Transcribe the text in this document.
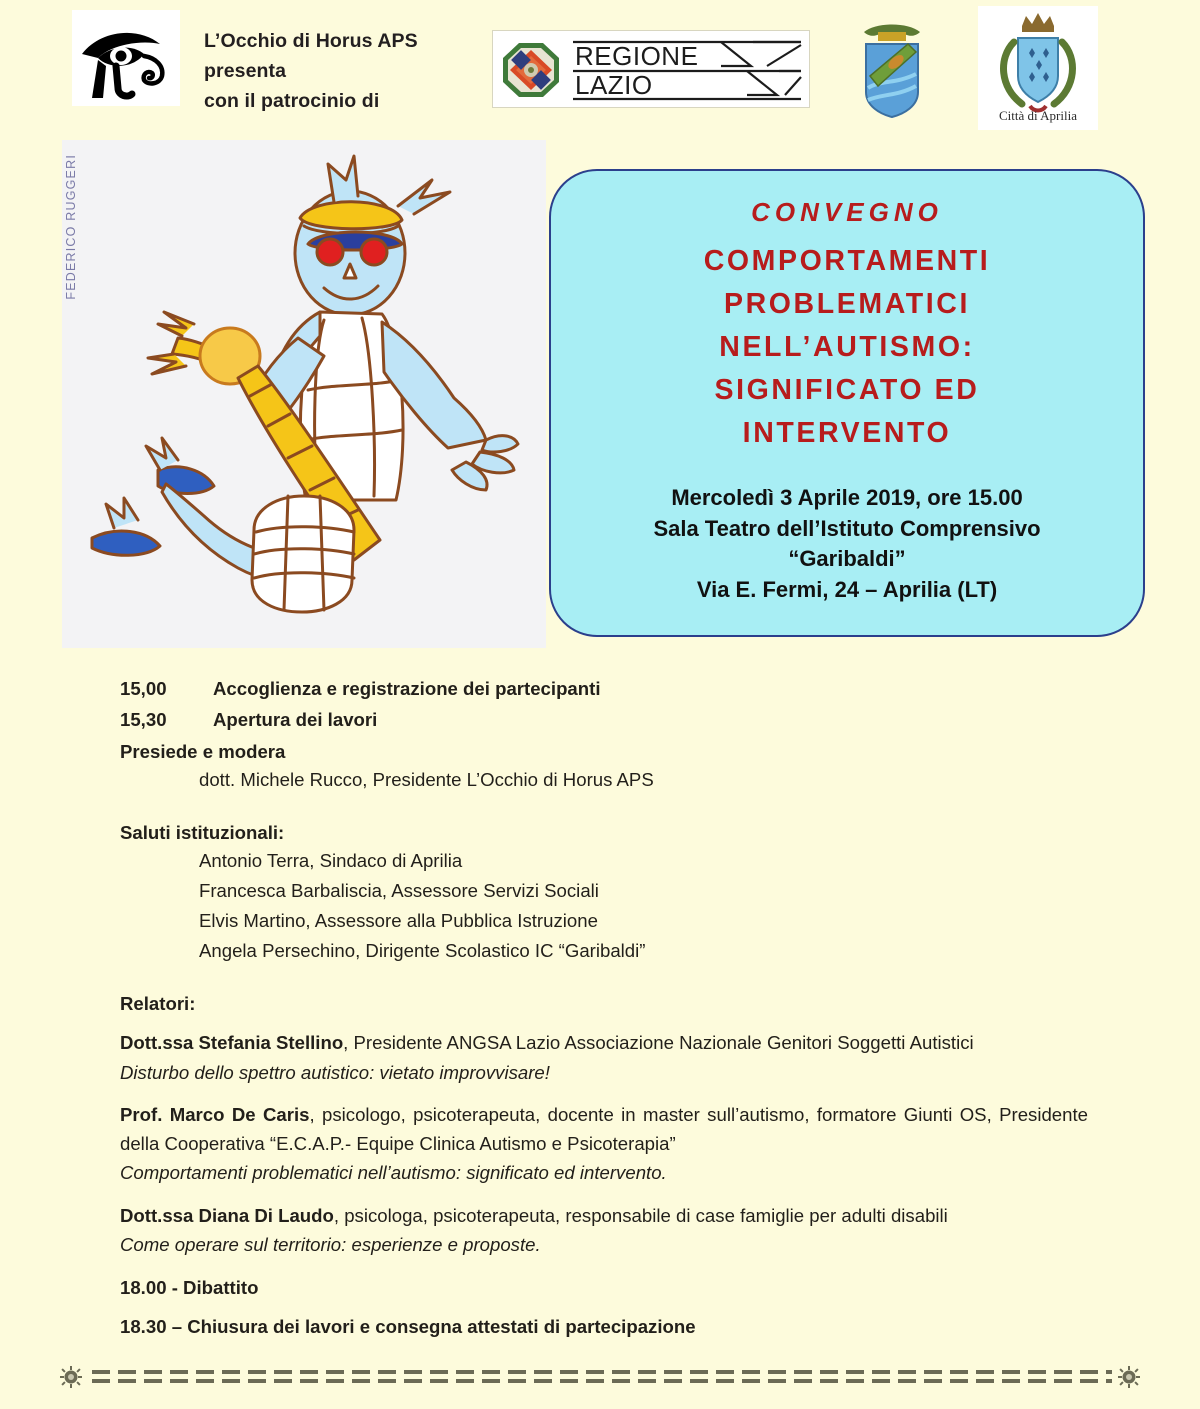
L’Occhio di Horus APS
presenta
con il patrocinio di
REGIONE
LAZIO
Città di Aprilia
FEDERICO RUGGERI	CONVEGNO
COMPORTAMENTI
PROBLEMATICI
NELL’AUTISMO:
SIGNIFICATO ED
INTERVENTO
Mercoledì 3 Aprile 2019, ore 15.00
Sala Teatro dell’Istituto Comprensivo
“Garibaldi”
Via E. Fermi, 24 – Aprilia (LT)
15,00	Accoglienza e registrazione dei partecipanti
15,30	Apertura dei lavori
Presiede e modera
dott. Michele Rucco, Presidente L’Occhio di Horus APS
Saluti istituzionali:
Antonio Terra, Sindaco di Aprilia
Francesca Barbaliscia, Assessore Servizi Sociali
Elvis Martino, Assessore alla Pubblica Istruzione
Angela Persechino, Dirigente Scolastico IC “Garibaldi”
Relatori:
Dott.ssa Stefania Stellino, Presidente ANGSA Lazio Associazione Nazionale Genitori Soggetti Autistici
Disturbo dello spettro autistico: vietato improvvisare!
Prof. Marco De Caris, psicologo, psicoterapeuta, docente in master sull’autismo, formatore Giunti OS, Presidente della Cooperativa “E.C.A.P.- Equipe Clinica Autismo e Psicoterapia”
Comportamenti problematici nell’autismo: significato ed intervento.
Dott.ssa Diana Di Laudo, psicologa, psicoterapeuta, responsabile di case famiglie per adulti disabili
Come operare sul territorio: esperienze e proposte.
18.00 - Dibattito
18.30 – Chiusura dei lavori e consegna attestati di partecipazione
